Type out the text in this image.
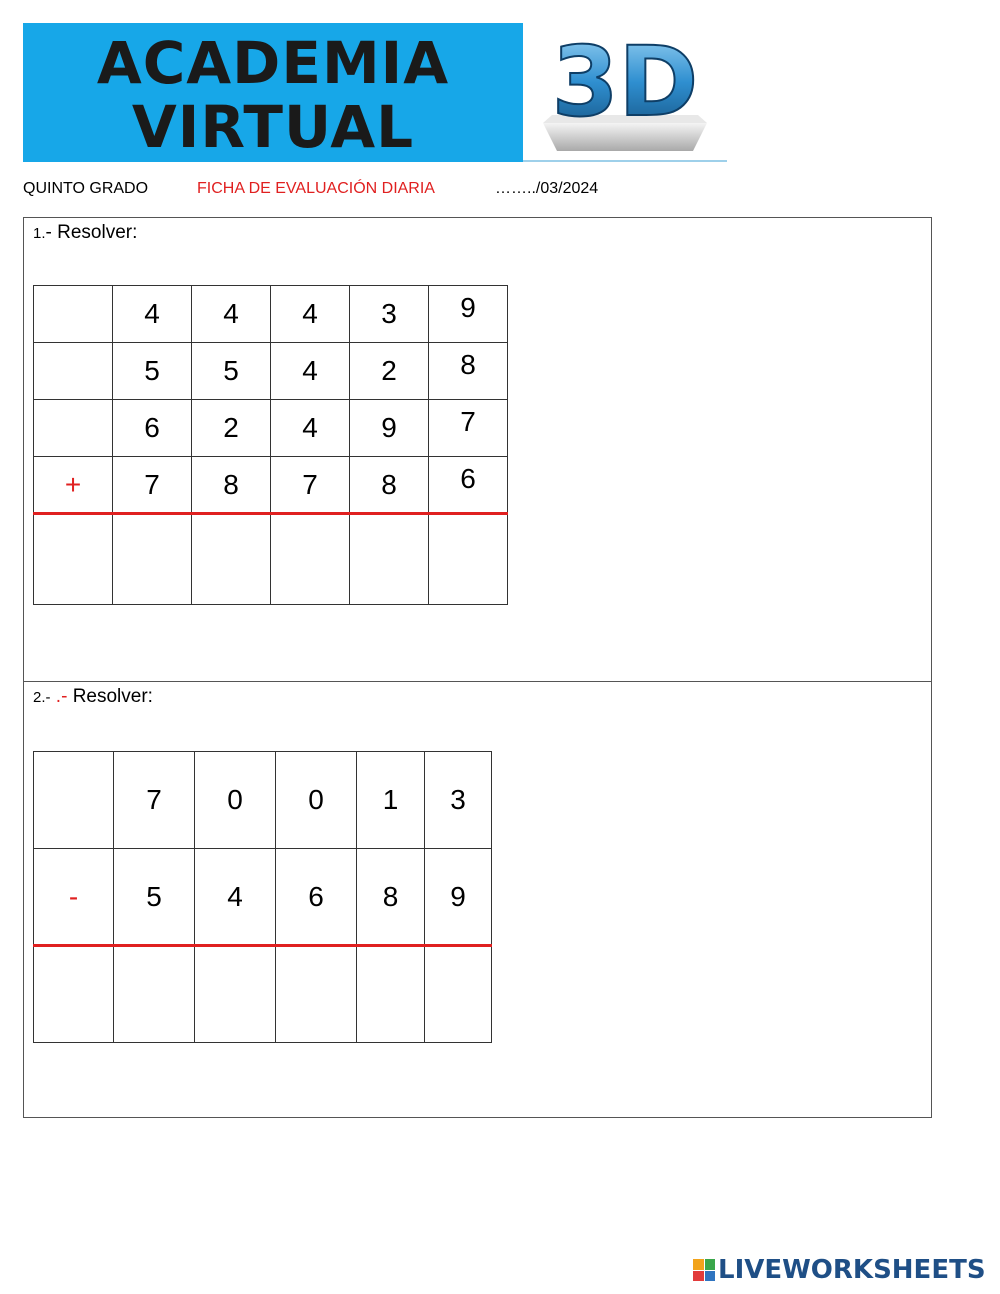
ACADEMIA
VIRTUAL	3D
QUINTO GRADO	FICHA DE EVALUACIÓN DIARIA	……../03/2024
1.- Resolver:
	4	4	4	3	9
	5	5	4	2	8
	6	2	4	9	7
+	7	8	7	8	6

2.- .- Resolver:
	7	0	0	1	3
-	5	4	6	8	9

LIVEWORKSHEETS
